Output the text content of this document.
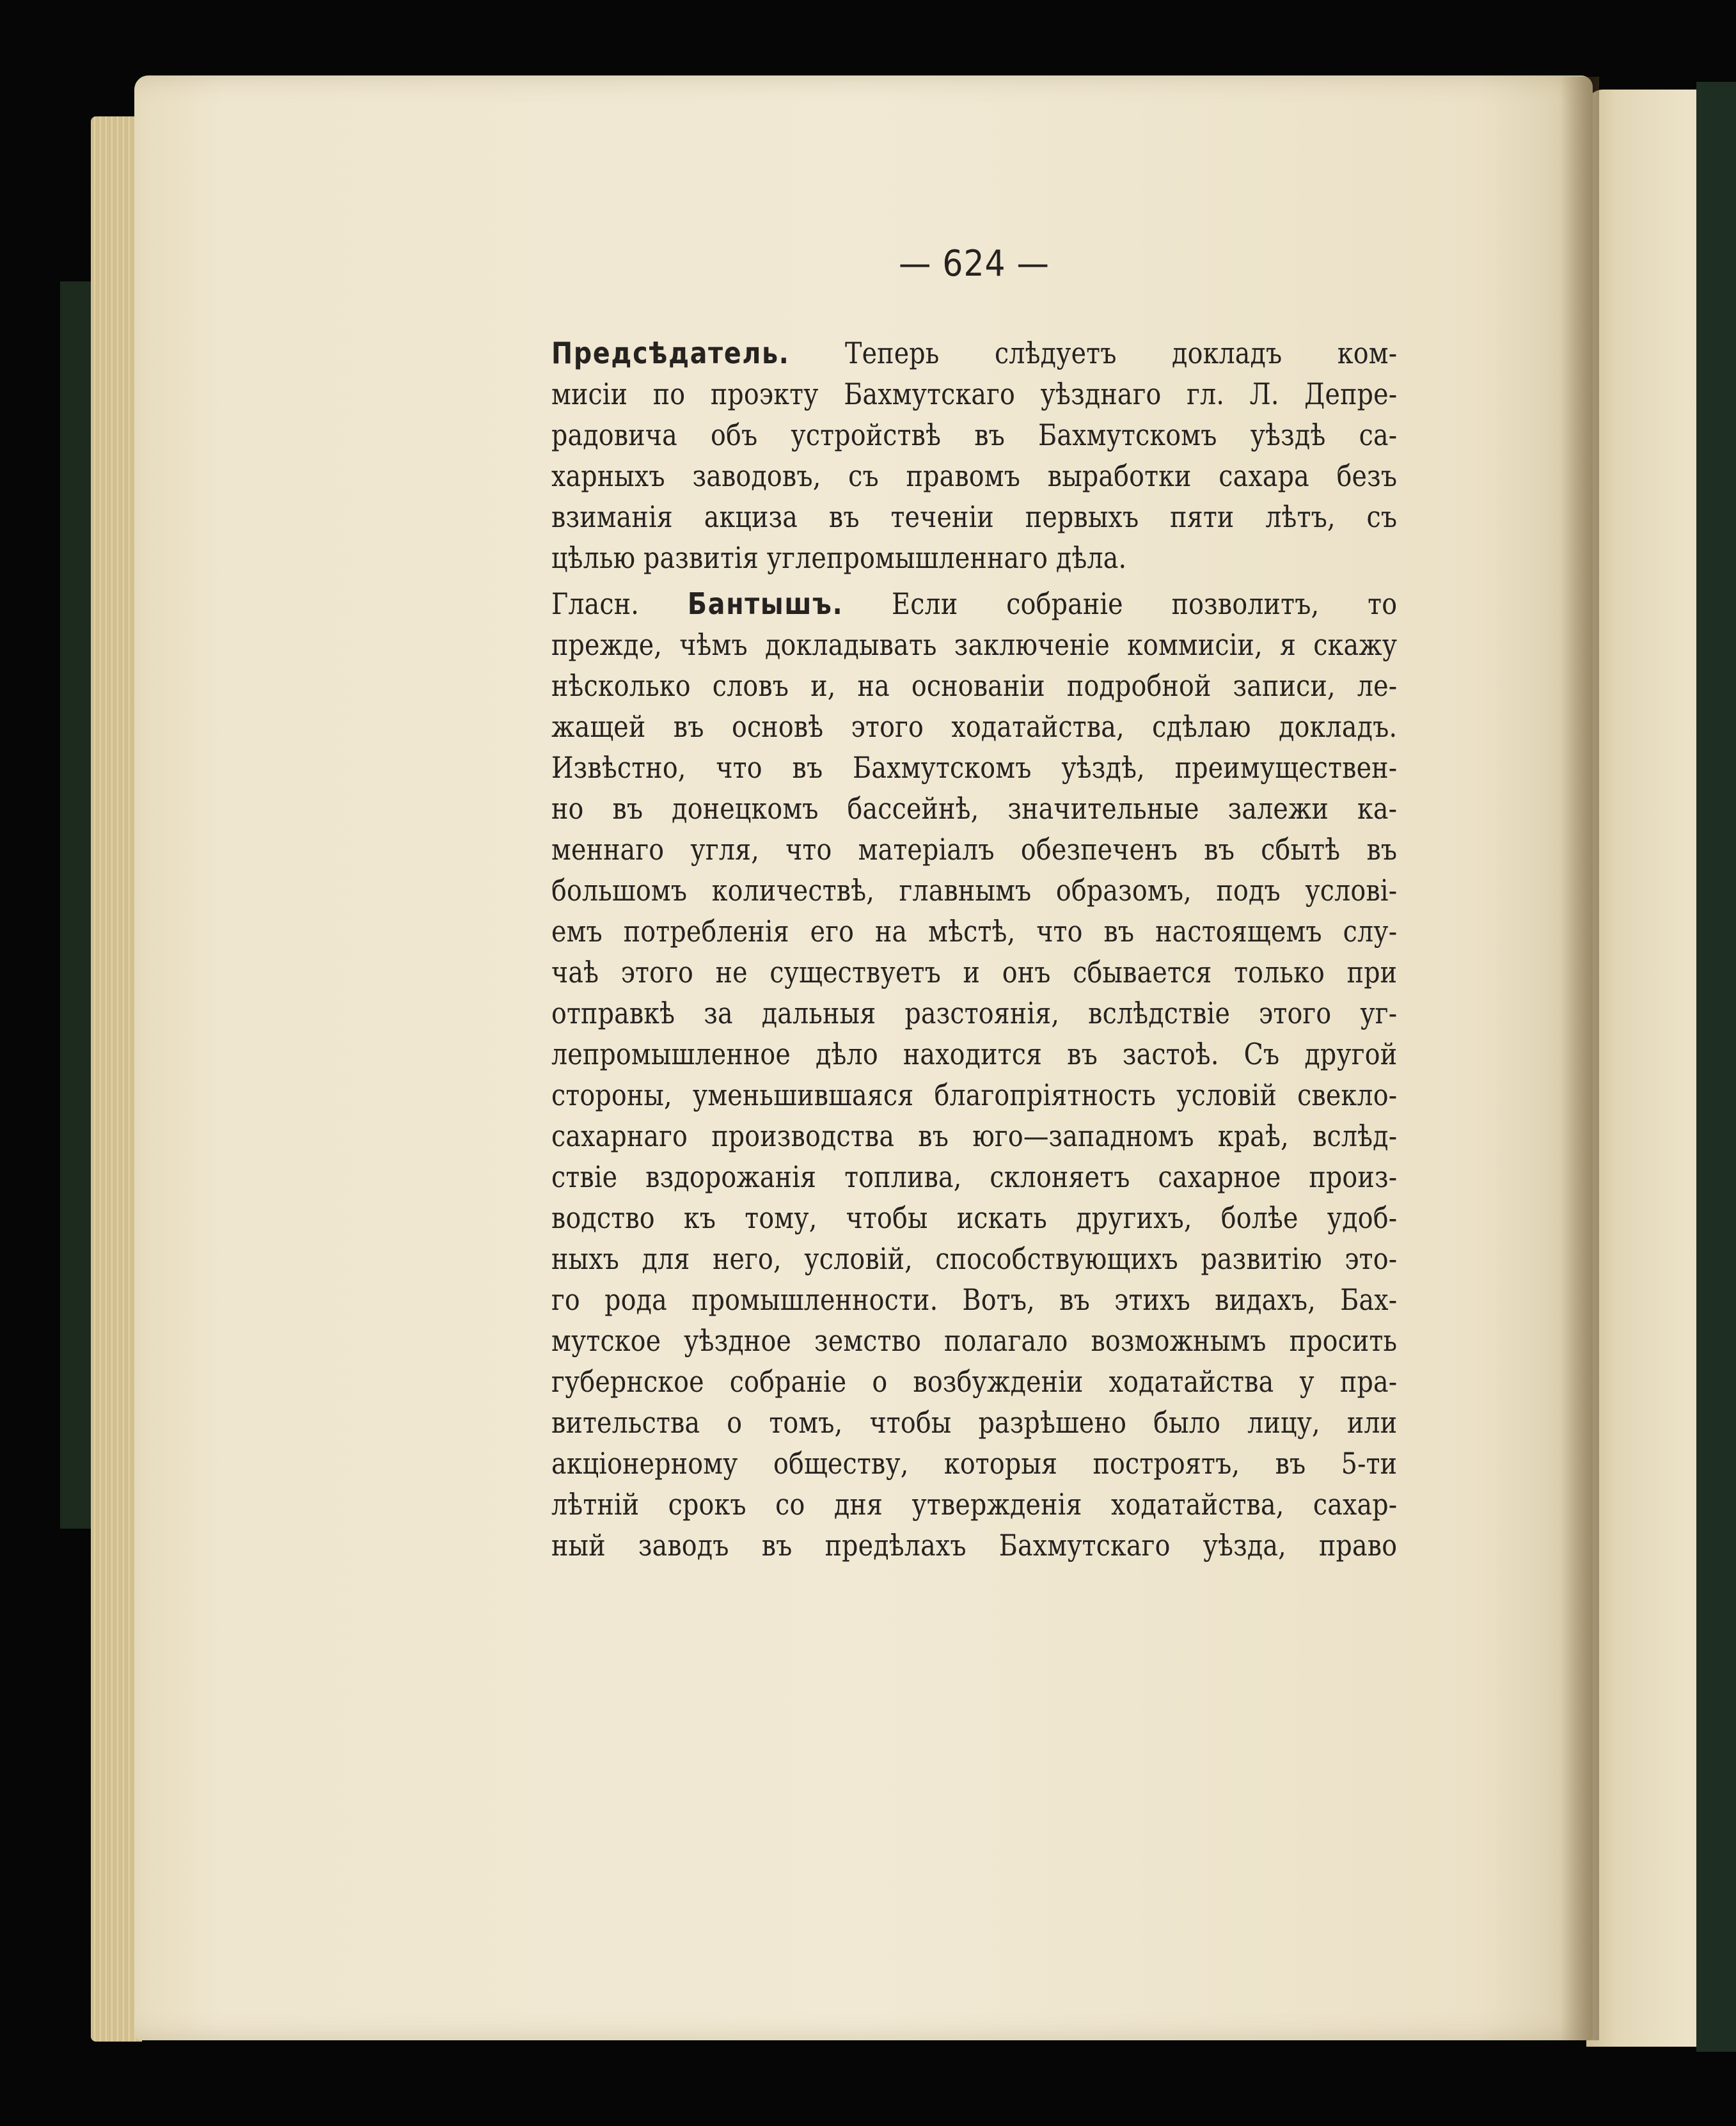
— 624 —
Предсѣдатель. Теперь слѣдуетъ докладъ ком-
мисіи по проэкту Бахмутскаго уѣзднаго гл. Л. Депре-
радовича объ устройствѣ въ Бахмутскомъ уѣздѣ са-
харныхъ заводовъ, съ правомъ выработки сахара безъ
взиманія акциза въ теченіи первыхъ пяти лѣтъ, съ
цѣлью развитія углепромышленнаго дѣла.
Гласн. Бантышъ. Если собраніе позволитъ, то
прежде, чѣмъ докладывать заключеніе коммисіи, я скажу
нѣсколько словъ и, на основаніи подробной записи, ле-
жащей въ основѣ этого ходатайства, сдѣлаю докладъ.
Извѣстно, что въ Бахмутскомъ уѣздѣ, преимуществен-
но въ донецкомъ бассейнѣ, значительные залежи ка-
меннаго угля, что матеріалъ обезпеченъ въ сбытѣ въ
большомъ количествѣ, главнымъ образомъ, подъ услові-
емъ потребленія его на мѣстѣ, что въ настоящемъ слу-
чаѣ этого не существуетъ и онъ сбывается только при
отправкѣ за дальныя разстоянія, вслѣдствіе этого уг-
лепромышленное дѣло находится въ застоѣ. Съ другой
стороны, уменьшившаяся благопріятность условій свекло-
сахарнаго производства въ юго—западномъ краѣ, вслѣд-
ствіе вздорожанія топлива, склоняетъ сахарное произ-
водство къ тому, чтобы искать другихъ, болѣе удоб-
ныхъ для него, условій, способствующихъ развитію это-
го рода промышленности. Вотъ, въ этихъ видахъ, Бах-
мутское уѣздное земство полагало возможнымъ просить
губернское собраніе о возбужденіи ходатайства у пра-
вительства о томъ, чтобы разрѣшено было лицу, или
акціонерному обществу, которыя построятъ, въ 5-ти
лѣтній срокъ со дня утвержденія ходатайства, сахар-
ный заводъ въ предѣлахъ Бахмутскаго уѣзда, право
